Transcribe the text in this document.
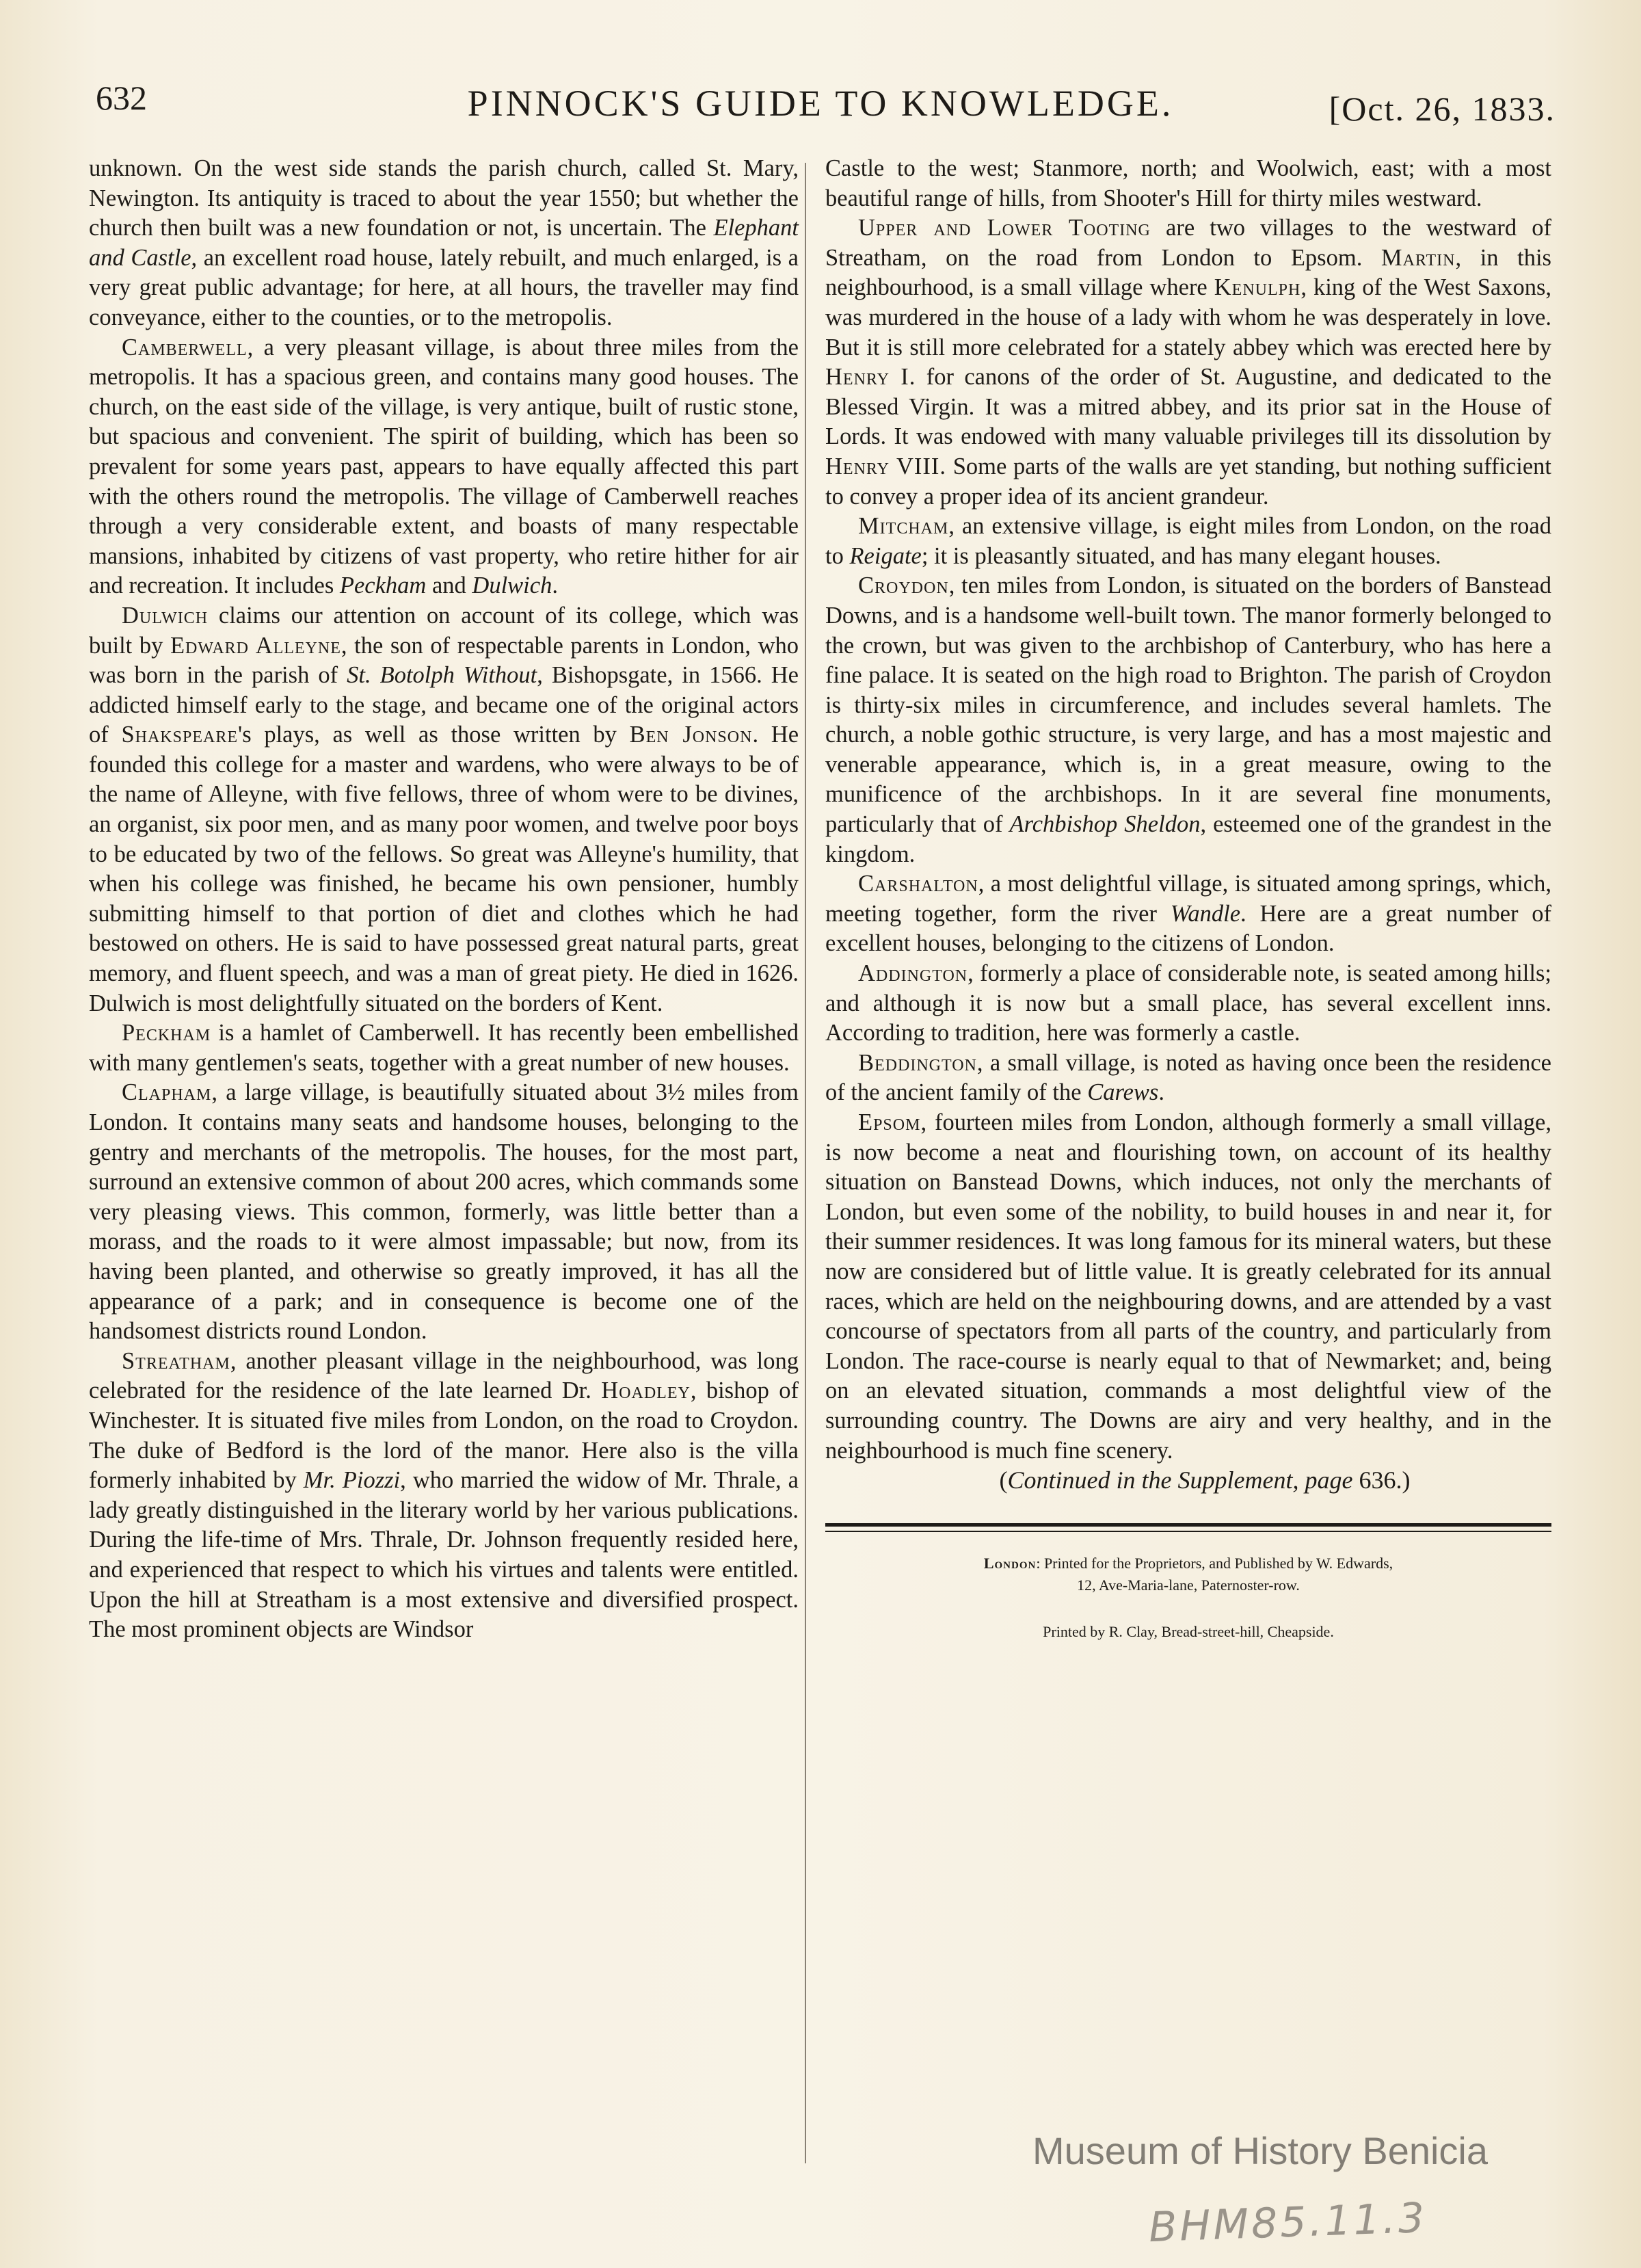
632	PINNOCK'S GUIDE TO KNOWLEDGE.	[Oct. 26, 1833.

unknown. On the west side stands the parish church, called St. Mary, Newington. Its antiquity is traced to about the year 1550; but whether the church then built was a new foundation or not, is uncertain. The Elephant and Castle, an excellent road house, lately rebuilt, and much enlarged, is a very great public advantage; for here, at all hours, the traveller may find conveyance, either to the counties, or to the metropolis.

Camberwell, a very pleasant village, is about three miles from the metropolis. It has a spacious green, and contains many good houses. The church, on the east side of the village, is very antique, built of rustic stone, but spacious and convenient. The spirit of building, which has been so prevalent for some years past, appears to have equally affected this part with the others round the metropolis. The village of Camberwell reaches through a very considerable extent, and boasts of many respectable mansions, inhabited by citizens of vast property, who retire hither for air and recreation. It includes Peckham and Dulwich.

Dulwich claims our attention on account of its college, which was built by Edward Alleyne, the son of respectable parents in London, who was born in the parish of St. Botolph Without, Bishopsgate, in 1566. He addicted himself early to the stage, and became one of the original actors of Shakspeare's plays, as well as those written by Ben Jonson. He founded this college for a master and wardens, who were always to be of the name of Alleyne, with five fellows, three of whom were to be divines, an organist, six poor men, and as many poor women, and twelve poor boys to be educated by two of the fellows. So great was Alleyne's humility, that when his college was finished, he became his own pensioner, humbly submitting himself to that portion of diet and clothes which he had bestowed on others. He is said to have possessed great natural parts, great memory, and fluent speech, and was a man of great piety. He died in 1626. Dulwich is most delightfully situated on the borders of Kent.

Peckham is a hamlet of Camberwell. It has recently been embellished with many gentlemen's seats, together with a great number of new houses.

Clapham, a large village, is beautifully situated about 3½ miles from London. It contains many seats and handsome houses, belonging to the gentry and merchants of the metropolis. The houses, for the most part, surround an extensive common of about 200 acres, which commands some very pleasing views. This common, formerly, was little better than a morass, and the roads to it were almost impassable; but now, from its having been planted, and otherwise so greatly improved, it has all the appearance of a park; and in consequence is become one of the handsomest districts round London.

Streatham, another pleasant village in the neighbourhood, was long celebrated for the residence of the late learned Dr. Hoadley, bishop of Winchester. It is situated five miles from London, on the road to Croydon. The duke of Bedford is the lord of the manor. Here also is the villa formerly inhabited by Mr. Piozzi, who married the widow of Mr. Thrale, a lady greatly distinguished in the literary world by her various publications. During the life-time of Mrs. Thrale, Dr. Johnson frequently resided here, and experienced that respect to which his virtues and talents were entitled. Upon the hill at Streatham is a most extensive and diversified prospect. The most prominent objects are Windsor

Castle to the west; Stanmore, north; and Woolwich, east; with a most beautiful range of hills, from Shooter's Hill for thirty miles westward.

Upper and Lower Tooting are two villages to the westward of Streatham, on the road from London to Epsom. Martin, in this neighbourhood, is a small village where Kenulph, king of the West Saxons, was murdered in the house of a lady with whom he was desperately in love. But it is still more celebrated for a stately abbey which was erected here by Henry I. for canons of the order of St. Augustine, and dedicated to the Blessed Virgin. It was a mitred abbey, and its prior sat in the House of Lords. It was endowed with many valuable privileges till its dissolution by Henry VIII. Some parts of the walls are yet standing, but nothing sufficient to convey a proper idea of its ancient grandeur.

Mitcham, an extensive village, is eight miles from London, on the road to Reigate; it is pleasantly situated, and has many elegant houses.

Croydon, ten miles from London, is situated on the borders of Banstead Downs, and is a handsome well-built town. The manor formerly belonged to the crown, but was given to the archbishop of Canterbury, who has here a fine palace. It is seated on the high road to Brighton. The parish of Croydon is thirty-six miles in circumference, and includes several hamlets. The church, a noble gothic structure, is very large, and has a most majestic and venerable appearance, which is, in a great measure, owing to the munificence of the archbishops. In it are several fine monuments, particularly that of Archbishop Sheldon, esteemed one of the grandest in the kingdom.

Carshalton, a most delightful village, is situated among springs, which, meeting together, form the river Wandle. Here are a great number of excellent houses, belonging to the citizens of London.

Addington, formerly a place of considerable note, is seated among hills; and although it is now but a small place, has several excellent inns. According to tradition, here was formerly a castle.

Beddington, a small village, is noted as having once been the residence of the ancient family of the Carews.

Epsom, fourteen miles from London, although formerly a small village, is now become a neat and flourishing town, on account of its healthy situation on Banstead Downs, which induces, not only the merchants of London, but even some of the nobility, to build houses in and near it, for their summer residences. It was long famous for its mineral waters, but these now are considered but of little value. It is greatly celebrated for its annual races, which are held on the neighbouring downs, and are attended by a vast concourse of spectators from all parts of the country, and particularly from London. The race-course is nearly equal to that of Newmarket; and, being on an elevated situation, commands a most delightful view of the surrounding country. The Downs are airy and very healthy, and in the neighbourhood is much fine scenery.

(Continued in the Supplement, page 636.)

London: Printed for the Proprietors, and Published by W. Edwards,
12, Ave-Maria-lane, Paternoster-row.
Printed by R. Clay, Bread-street-hill, Cheapside.
Museum of History Benicia
BHM85.11.3
